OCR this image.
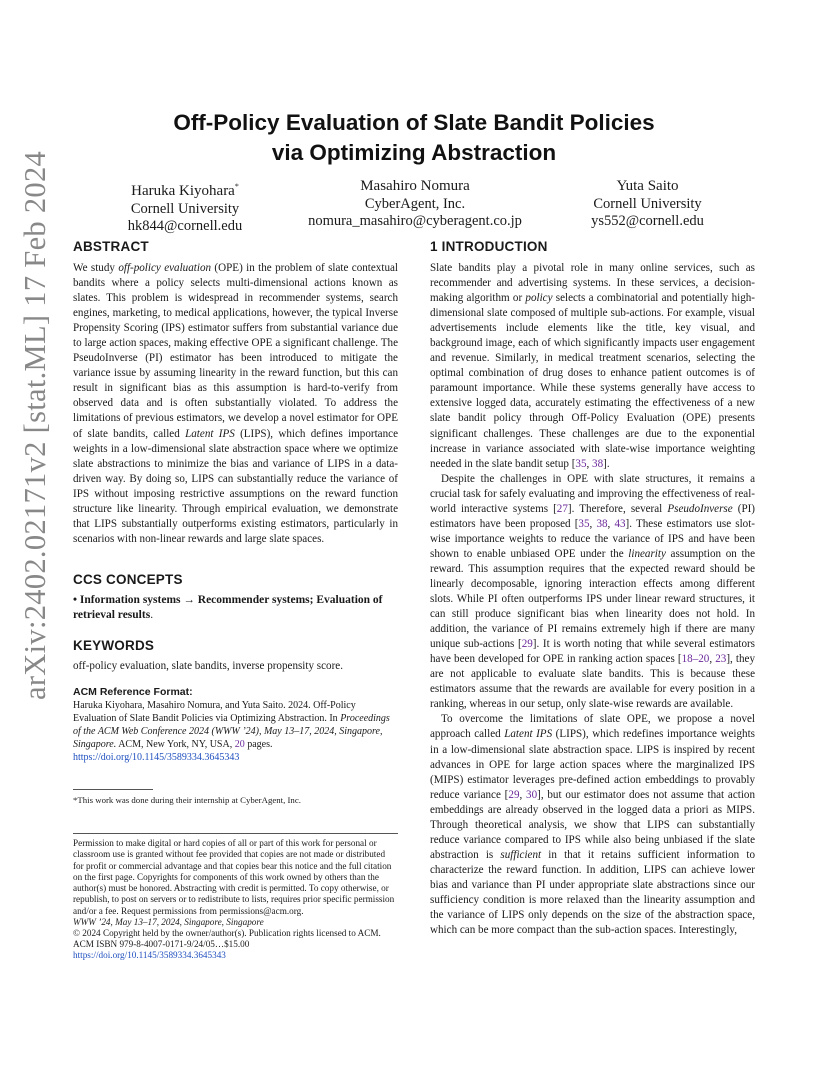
arXiv:2402.02171v2 [stat.ML] 17 Feb 2024
Off-Policy Evaluation of Slate Bandit Policies
via Optimizing Abstraction
Haruka Kiyohara*
Cornell University
hk844@cornell.edu
Masahiro Nomura
CyberAgent, Inc.
nomura_masahiro@cyberagent.co.jp
Yuta Saito
Cornell University
ys552@cornell.edu
ABSTRACT

We study off-policy evaluation (OPE) in the problem of slate contextual bandits where a policy selects multi-dimensional actions known as slates. This problem is widespread in recommender systems, search engines, marketing, to medical applications, however, the typical Inverse Propensity Scoring (IPS) estimator suffers from substantial variance due to large action spaces, making effective OPE a significant challenge. The PseudoInverse (PI) estimator has been introduced to mitigate the variance issue by assuming linearity in the reward function, but this can result in significant bias as this assumption is hard-to-verify from observed data and is often substantially violated. To address the limitations of previous estimators, we develop a novel estimator for OPE of slate bandits, called Latent IPS (LIPS), which defines importance weights in a low-dimensional slate abstraction space where we optimize slate abstractions to minimize the bias and variance of LIPS in a data-driven way. By doing so, LIPS can substantially reduce the variance of IPS without imposing restrictive assumptions on the reward function structure like linearity. Through empirical evaluation, we demonstrate that LIPS substantially outperforms existing estimators, particularly in scenarios with non-linear rewards and large slate spaces.

CCS CONCEPTS
• Information systems → Recommender systems; Evaluation of retrieval results.
KEYWORDS
off-policy evaluation, slate bandits, inverse propensity score.
ACM Reference Format:
Haruka Kiyohara, Masahiro Nomura, and Yuta Saito. 2024. Off-Policy Evaluation of Slate Bandit Policies via Optimizing Abstraction. In Proceedings of the ACM Web Conference 2024 (WWW ’24), May 13–17, 2024, Singapore, Singapore. ACM, New York, NY, USA, 20 pages. https://doi.org/10.1145/3589334.3645343
*This work was done during their internship at CyberAgent, Inc.
Permission to make digital or hard copies of all or part of this work for personal or classroom use is granted without fee provided that copies are not made or distributed for profit or commercial advantage and that copies bear this notice and the full citation on the first page. Copyrights for components of this work owned by others than the author(s) must be honored. Abstracting with credit is permitted. To copy otherwise, or republish, to post on servers or to redistribute to lists, requires prior specific permission and/or a fee. Request permissions from permissions@acm.org.
WWW ’24, May 13–17, 2024, Singapore, Singapore
© 2024 Copyright held by the owner/author(s). Publication rights licensed to ACM.
ACM ISBN 979-8-4007-0171-9/24/05…$15.00
https://doi.org/10.1145/3589334.3645343
1 INTRODUCTION

Slate bandits play a pivotal role in many online services, such as recommender and advertising systems. In these services, a decision-making algorithm or policy selects a combinatorial and potentially high-dimensional slate composed of multiple sub-actions. For example, visual advertisements include elements like the title, key visual, and background image, each of which significantly impacts user engagement and revenue. Similarly, in medical treatment scenarios, selecting the optimal combination of drug doses to enhance patient outcomes is of paramount importance. While these systems generally have access to extensive logged data, accurately estimating the effectiveness of a new slate bandit policy through Off-Policy Evaluation (OPE) presents significant challenges. These challenges are due to the exponential increase in variance associated with slate-wise importance weighting needed in the slate bandit setup [35, 38].

Despite the challenges in OPE with slate structures, it remains a crucial task for safely evaluating and improving the effectiveness of real-world interactive systems [27]. Therefore, several PseudoInverse (PI) estimators have been proposed [35, 38, 43]. These estimators use slot-wise importance weights to reduce the variance of IPS and have been shown to enable unbiased OPE under the linearity assumption on the reward. This assumption requires that the expected reward should be linearly decomposable, ignoring interaction effects among different slots. While PI often outperforms IPS under linear reward structures, it can still produce significant bias when linearity does not hold. In addition, the variance of PI remains extremely high if there are many unique sub-actions [29]. It is worth noting that while several estimators have been developed for OPE in ranking action spaces [18–20, 23], they are not applicable to evaluate slate bandits. This is because these estimators assume that the rewards are available for every position in a ranking, whereas in our setup, only slate-wise rewards are available.

To overcome the limitations of slate OPE, we propose a novel approach called Latent IPS (LIPS), which redefines importance weights in a low-dimensional slate abstraction space. LIPS is inspired by recent advances in OPE for large action spaces where the marginalized IPS (MIPS) estimator leverages pre-defined action embeddings to provably reduce variance [29, 30], but our estimator does not assume that action embeddings are already observed in the logged data a priori as MIPS. Through theoretical analysis, we show that LIPS can substantially reduce variance compared to IPS while also being unbiased if the slate abstraction is sufficient in that it retains sufficient information to characterize the reward function. In addition, LIPS can achieve lower bias and variance than PI under appropriate slate abstractions since our sufficiency condition is more relaxed than the linearity assumption and the variance of LIPS only depends on the size of the abstraction space, which can be more compact than the sub-action spaces. Interestingly,
